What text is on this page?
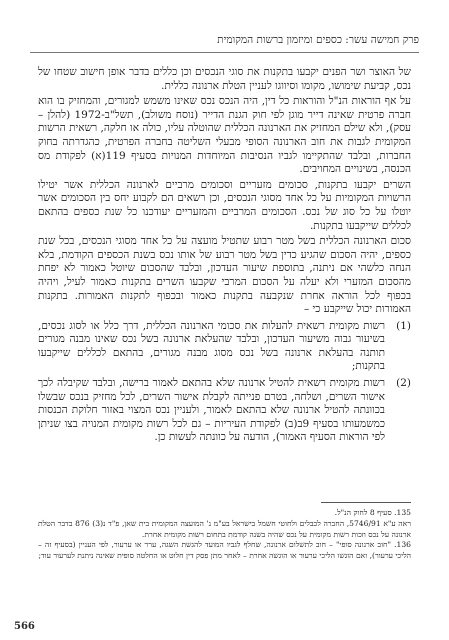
פרק חמישה עשר: כספים ומיזמון ברשות המקומית

של האוצר ושר הפנים יקבעו בתקנות את סוגי הנכסים וכן כללים בדבר אופן חישוב שטחו של נכס, קביעת שימושו, מקומו וסיווגו לעניין הטלת ארנונה כללית.

על אף הוראות הנ"ל והוראות כל דין, היה הנכס נכס שאינו משמש למגורים, והמחזיק בו הוא חברה פרטית שאינה דייר מוגן לפי חוק הגנת הדייר (נוסח משולב), תשל"ב-1972 (להלן – עסק), ולא שילם המחזיק את הארנונה הכללית שהוטלה עליו, כולה או חלקה, רשאית הרשות המקומית לגבות את חוב הארנונה הסופי מבעלי השליטה בחברה הפרטית, כהגדרתה בחוק החברות, ובלבד שהתקיימו לגביו הנסיבות המיוחדות המנויות בסעיף 119(א) לפקודת מס הכנסה, בשינויים המחויבים.

השרים יקבעו בתקנות, סכומים מזעריים וסכומים מרביים לארנונה הכללית אשר יטילו הרשויות המקומיות על כל אחד מסוגי הנכסים, וכן רשאים הם לקבוע יחס בין הסכומים אשר יוטלו על כל סוג של נכס. הסכומים המרביים והמזעריים יעודכנו כל שנת כספים בהתאם לכללים שייקבעו בתקנות.

סכום הארנונה הכללית בשל מטר רבוע שתטיל מועצה על כל אחד מסוגי הנכסים, בכל שנת כספים, יהיה הסכום שהגיע כדין בשל מטר רבוע של אותו נכס בשנת הכספים הקודמת, בלא הנחה כלשהי אם ניתנה, בתוספת שיעור העדכון, ובלבד שהסכום שיוטל כאמור לא יפחת מהסכום המזערי ולא יעלה על הסכום המרבי שקבעו השרים בתקנות כאמור לעיל, ויהיה בכפוף לכל הוראה אחרת שנקבעה בתקנות כאמור ובכפוף לתקנות האמורות. בתקנות האמורות יכול שייקבע כי –

(1)
רשות מקומית רשאית להעלות את סכומי הארנונה הכללית, דרך כלל או לסוג נכסים, בשיעור גבוה משיעור העדכון, ובלבד שהעלאת ארנונה בשל נכס שאינו מבנה מגורים תותנה בהעלאת ארנונה בשל נכס מסוג מבנה מגורים, בהתאם לכללים שייקבעו בתקנות;
(2)
רשות מקומית רשאית להטיל ארנונה שלא בהתאם לאמור ברישה, ובלבד שקיבלה לכך אישור השרים, ושלחה, בטרם פנייתה לקבלת אישור השרים, לכל מחזיק בנכס שבשלו בכוונתה להטיל ארנונה שלא בהתאם לאמור, ולעניין נכס המצוי באזור חלוקת הכנסות כמשמעותו בסעיף 9ב(ב) לפקודת העיריות – גם לכל רשות מקומית המנויה בצו שניתן לפי הוראות הסעיף האמור), הודעה על כוונתה לעשות כן.

135. סעיף 8 לחוק הנ"ל.

ראה ע"א 5746/91, החברה לכבלים ולחוטי חשמל בישראל בע"מ נ' המועצה המקומית בית שאן, פ"ד נ(3) 876 בדבר הטלת ארנונה על נכס וזכות רשות מקומית על נכס שהיה בשנה קודמת בתחום רשות מקומית אחרת.

136. "חוב ארנונה סופי" – חוב לתשלום ארנונה, שחלף לגביו המועד להגשת השגה, ערר או ערעור, לפי העניין (בסעיף זה – הליכי ערעור), ואם הוגשו הליכי ערעור או הוגשה אחרת – לאחר מתן פסק דין חלוט או החלטה סופית שאינה ניתנת לערעור עוד;

566
